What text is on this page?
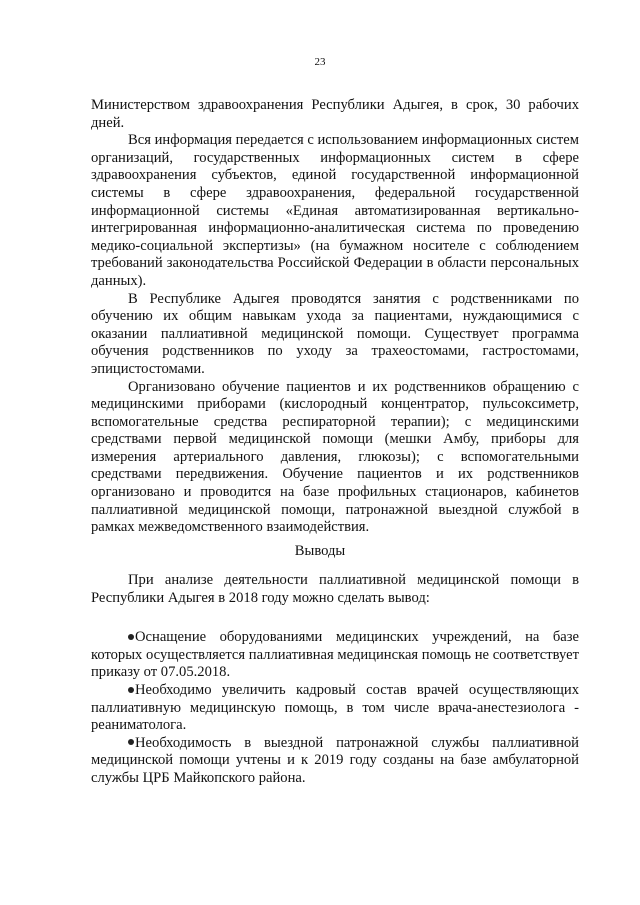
23

Министерством здравоохранения Республики Адыгея, в срок, 30 рабочих дней.

Вся информация передается с использованием информационных систем организаций, государственных информационных систем в сфере здравоохранения субъектов, единой государственной информационной системы в сфере здравоохранения, федеральной государственной информационной системы «Единая автоматизированная вертикально-интегрированная информационно-аналитическая система по проведению медико-социальной экспертизы» (на бумажном носителе с соблюдением требований законодательства Российской Федерации в области персональных данных).

В Республике Адыгея проводятся занятия с родственниками по обучению их общим навыкам ухода за пациентами, нуждающимися с оказании паллиативной медицинской помощи. Существует программа обучения родственников по уходу за трахеостомами, гастростомами, эпицистостомами.

Организовано обучение пациентов и их родственников обращению с медицинскими приборами (кислородный концентратор, пульсоксиметр, вспомогательные средства респираторной терапии); с медицинскими средствами первой медицинской помощи (мешки Амбу, приборы для измерения артериального давления, глюкозы); с вспомогательными средствами передвижения. Обучение пациентов и их родственников организовано и проводится на базе профильных стационаров, кабинетов паллиативной медицинской помощи, патронажной выездной службой в рамках межведомственного взаимодействия.

Выводы

При анализе деятельности паллиативной медицинской помощи в Республики Адыгея в 2018 году можно сделать вывод:

Оснащение оборудованиями медицинских учреждений, на базе которых осуществляется паллиативная медицинская помощь не соответствует приказу от 07.05.2018.

Необходимо увеличить кадровый состав врачей осуществляющих паллиативную медицинскую помощь, в том числе врача-анестезиолога - реаниматолога.

Необходимость в выездной патронажной службы паллиативной медицинской помощи учтены и к 2019 году созданы на базе амбулаторной службы ЦРБ Майкопского района.
